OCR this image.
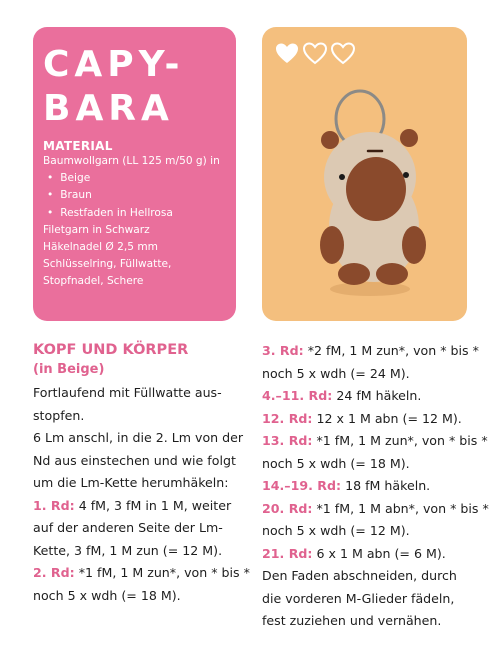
CAPY-
BARA
MATERIAL
Baumwollgarn (LL 125 m/50 g) in
• Beige
• Braun
• Restfaden in Hellrosa
Filetgarn in Schwarz
Häkelnadel Ø 2,5 mm
Schlüsselring, Füllwatte,
Stopfnadel, Schere
KOPF UND KÖRPER
(in Beige)
Fortlaufend mit Füllwatte aus-
stopfen.
6 Lm anschl, in die 2. Lm von der
Nd aus einstechen und wie folgt
um die Lm-Kette herumhäkeln:
1. Rd: 4 fM, 3 fM in 1 M, weiter
auf der anderen Seite der Lm-
Kette, 3 fM, 1 M zun (= 12 M).
2. Rd: *1 fM, 1 M zun*, von * bis *
noch 5 x wdh (= 18 M).
3. Rd: *2 fM, 1 M zun*, von * bis *
noch 5 x wdh (= 24 M).
4.–11. Rd: 24 fM häkeln.
12. Rd: 12 x 1 M abn (= 12 M).
13. Rd: *1 fM, 1 M zun*, von * bis *
noch 5 x wdh (= 18 M).
14.–19. Rd: 18 fM häkeln.
20. Rd: *1 fM, 1 M abn*, von * bis *
noch 5 x wdh (= 12 M).
21. Rd: 6 x 1 M abn (= 6 M).
Den Faden abschneiden, durch
die vorderen M-Glieder fädeln,
fest zuziehen und vernähen.
